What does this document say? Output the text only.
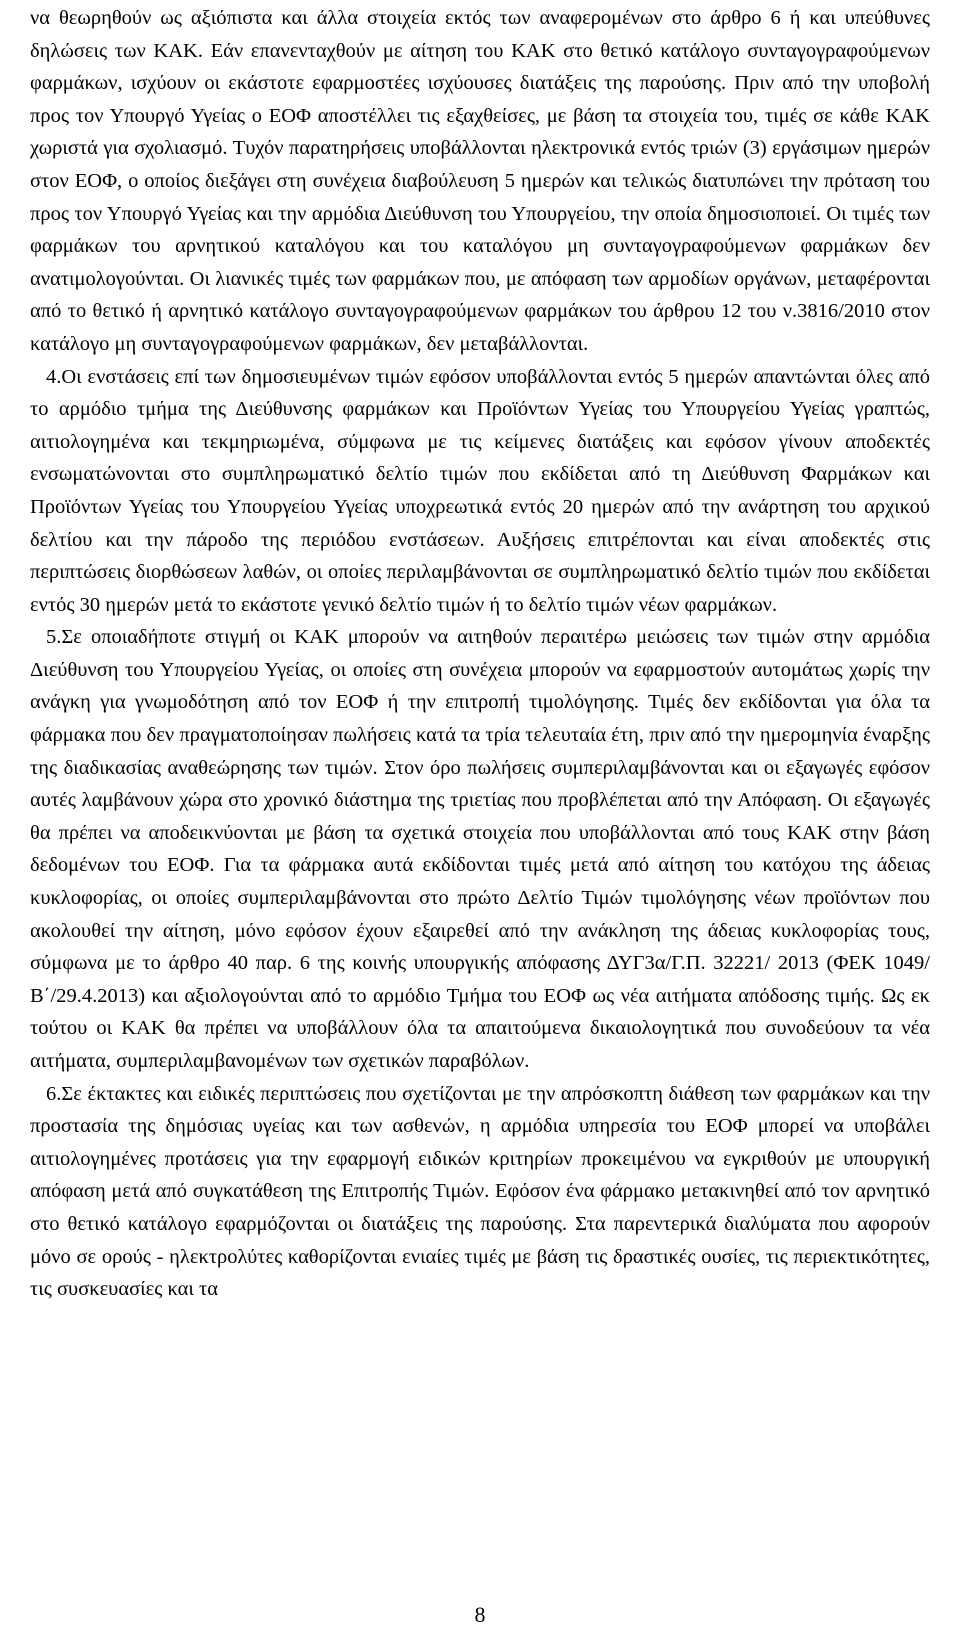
να θεωρηθούν ως αξιόπιστα και άλλα στοιχεία εκτός των αναφερομένων στο άρθρο 6 ή και υπεύθυνες δηλώσεις των ΚΑΚ. Εάν επανενταχθούν με αίτηση του ΚΑΚ στο θετικό κατάλογο συνταγογραφούμενων φαρμάκων, ισχύουν οι εκάστοτε εφαρμοστέες ισχύουσες διατάξεις της παρούσης. Πριν από την υποβολή προς τον Υπουργό Υγείας ο ΕΟΦ αποστέλλει τις εξαχθείσες, με βάση τα στοιχεία του, τιμές σε κάθε ΚΑΚ χωριστά για σχολιασμό. Τυχόν παρατηρήσεις υποβάλλονται ηλεκτρονικά εντός τριών (3) εργάσιμων ημερών στον ΕΟΦ, ο οποίος διεξάγει στη συνέχεια διαβούλευση 5 ημερών και τελικώς διατυπώνει την πρόταση του προς τον Υπουργό Υγείας και την αρμόδια Διεύθυνση του Υπουργείου, την οποία δημοσιοποιεί. Οι τιμές των φαρμάκων του αρνητικού καταλόγου και του καταλόγου μη συνταγογραφούμενων φαρμάκων δεν ανατιμολογούνται. Οι λιανικές τιμές των φαρμάκων που, με απόφαση των αρμοδίων οργάνων, μεταφέρονται από το θετικό ή αρνητικό κατάλογο συνταγογραφούμενων φαρμάκων του άρθρου 12 του ν.3816/2010 στον κατάλογο μη συνταγογραφούμενων φαρμάκων, δεν μεταβάλλονται.

4.Οι ενστάσεις επί των δημοσιευμένων τιμών εφόσον υποβάλλονται εντός 5 ημερών απαντώνται όλες από το αρμόδιο τμήμα της Διεύθυνσης φαρμάκων και Προϊόντων Υγείας του Υπουργείου Υγείας γραπτώς, αιτιολογημένα και τεκμηριωμένα, σύμφωνα με τις κείμενες διατάξεις και εφόσον γίνουν αποδεκτές ενσωματώνονται στο συμπληρωματικό δελτίο τιμών που εκδίδεται από τη Διεύθυνση Φαρμάκων και Προϊόντων Υγείας του Υπουργείου Υγείας υποχρεωτικά εντός 20 ημερών από την ανάρτηση του αρχικού δελτίου και την πάροδο της περιόδου ενστάσεων. Αυξήσεις επιτρέπονται και είναι αποδεκτές στις περιπτώσεις διορθώσεων λαθών, οι οποίες περιλαμβάνονται σε συμπληρωματικό δελτίο τιμών που εκδίδεται εντός 30 ημερών μετά το εκάστοτε γενικό δελτίο τιμών ή το δελτίο τιμών νέων φαρμάκων.

5.Σε οποιαδήποτε στιγμή οι ΚΑΚ μπορούν να αιτηθούν περαιτέρω μειώσεις των τιμών στην αρμόδια Διεύθυνση του Υπουργείου Υγείας, οι οποίες στη συνέχεια μπορούν να εφαρμοστούν αυτομάτως χωρίς την ανάγκη για γνωμοδότηση από τον ΕΟΦ ή την επιτροπή τιμολόγησης. Τιμές δεν εκδίδονται για όλα τα φάρμακα που δεν πραγματοποίησαν πωλήσεις κατά τα τρία τελευταία έτη, πριν από την ημερομηνία έναρξης της διαδικασίας αναθεώρησης των τιμών. Στον όρο πωλήσεις συμπεριλαμβάνονται και οι εξαγωγές εφόσον αυτές λαμβάνουν χώρα στο χρονικό διάστημα της τριετίας που προβλέπεται από την Απόφαση. Οι εξαγωγές θα πρέπει να αποδεικνύονται με βάση τα σχετικά στοιχεία που υποβάλλονται από τους ΚΑΚ στην βάση δεδομένων του ΕΟΦ. Για τα φάρμακα αυτά εκδίδονται τιμές μετά από αίτηση του κατόχου της άδειας κυκλοφορίας, οι οποίες συμπεριλαμβάνονται στο πρώτο Δελτίο Τιμών τιμολόγησης νέων προϊόντων που ακολουθεί την αίτηση, μόνο εφόσον έχουν εξαιρεθεί από την ανάκληση της άδειας κυκλοφορίας τους, σύμφωνα με το άρθρο 40 παρ. 6 της κοινής υπουργικής απόφασης ΔΥΓ3α/Γ.Π. 32221/ 2013 (ΦΕΚ 1049/Β΄/29.4.2013) και αξιολογούνται από το αρμόδιο Τμήμα του ΕΟΦ ως νέα αιτήματα απόδοσης τιμής. Ως εκ τούτου οι ΚΑΚ θα πρέπει να υποβάλλουν όλα τα απαιτούμενα δικαιολογητικά που συνοδεύουν τα νέα αιτήματα, συμπεριλαμβανομένων των σχετικών παραβόλων.

6.Σε έκτακτες και ειδικές περιπτώσεις που σχετίζονται με την απρόσκοπτη διάθεση των φαρμάκων και την προστασία της δημόσιας υγείας και των ασθενών, η αρμόδια υπηρεσία του ΕΟΦ μπορεί να υποβάλει αιτιολογημένες προτάσεις για την εφαρμογή ειδικών κριτηρίων προκειμένου να εγκριθούν με υπουργική απόφαση μετά από συγκατάθεση της Επιτροπής Τιμών. Εφόσον ένα φάρμακο μετακινηθεί από τον αρνητικό στο θετικό κατάλογο εφαρμόζονται οι διατάξεις της παρούσης. Στα παρεντερικά διαλύματα που αφορούν μόνο σε ορούς - ηλεκτρολύτες καθορίζονται ενιαίες τιμές με βάση τις δραστικές ουσίες, τις περιεκτικότητες, τις συσκευασίες και τα

8
